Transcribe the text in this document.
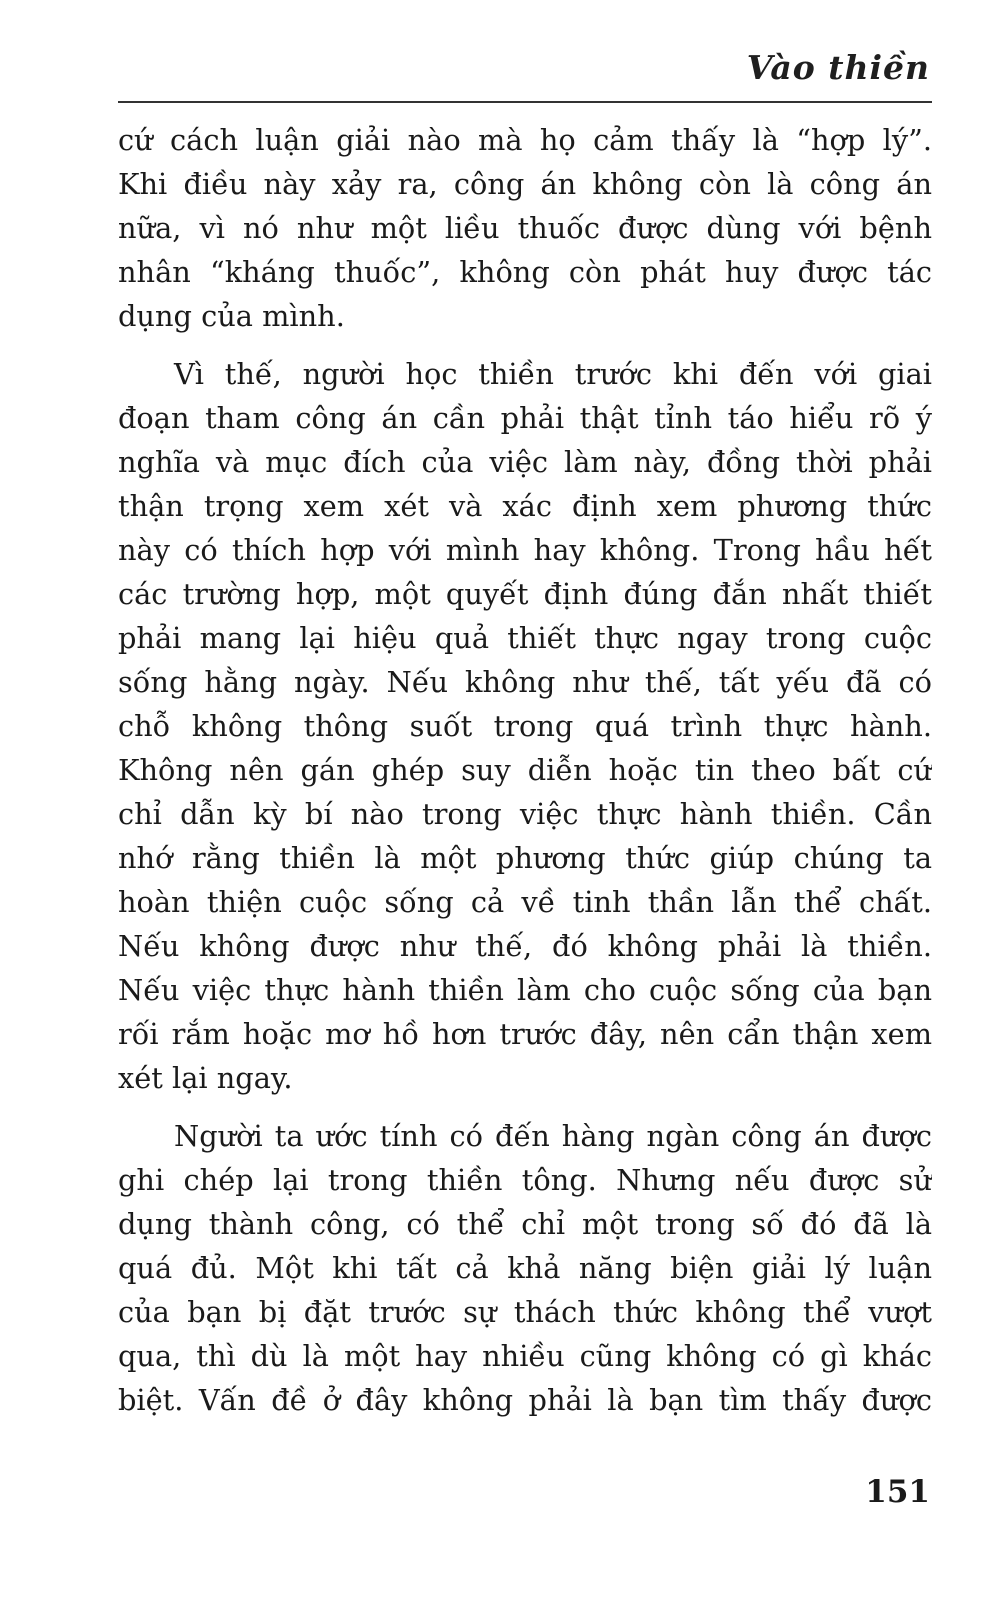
Vào thiền
cứ cách luận giải nào mà họ cảm thấy là “hợp lý”.
Khi điều này xảy ra, công án không còn là công án
nữa, vì nó như một liều thuốc được dùng với bệnh
nhân “kháng thuốc”, không còn phát huy được tác
dụng của mình.
Vì thế, người học thiền trước khi đến với giai
đoạn tham công án cần phải thật tỉnh táo hiểu rõ ý
nghĩa và mục đích của việc làm này, đồng thời phải
thận trọng xem xét và xác định xem phương thức
này có thích hợp với mình hay không. Trong hầu hết
các trường hợp, một quyết định đúng đắn nhất thiết
phải mang lại hiệu quả thiết thực ngay trong cuộc
sống hằng ngày. Nếu không như thế, tất yếu đã có
chỗ không thông suốt trong quá trình thực hành.
Không nên gán ghép suy diễn hoặc tin theo bất cứ
chỉ dẫn kỳ bí nào trong việc thực hành thiền. Cần
nhớ rằng thiền là một phương thức giúp chúng ta
hoàn thiện cuộc sống cả về tinh thần lẫn thể chất.
Nếu không được như thế, đó không phải là thiền.
Nếu việc thực hành thiền làm cho cuộc sống của bạn
rối rắm hoặc mơ hồ hơn trước đây, nên cẩn thận xem
xét lại ngay.
Người ta ước tính có đến hàng ngàn công án được
ghi chép lại trong thiền tông. Nhưng nếu được sử
dụng thành công, có thể chỉ một trong số đó đã là
quá đủ. Một khi tất cả khả năng biện giải lý luận
của bạn bị đặt trước sự thách thức không thể vượt
qua, thì dù là một hay nhiều cũng không có gì khác
biệt. Vấn đề ở đây không phải là bạn tìm thấy được
151
